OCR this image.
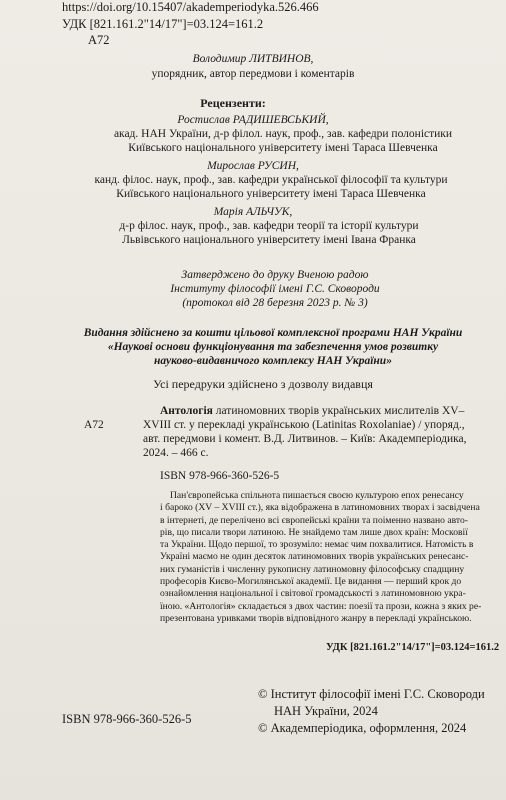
https://doi.org/10.15407/akademperiodyka.526.466
УДК [821.161.2"14/17"]=03.124=161.2
А72
Володимир ЛИТВИНОВ,
упорядник, автор передмови і коментарів
Рецензенти:
Ростислав РАДИШЕВСЬКИЙ,
акад. НАН України, д-р філол. наук, проф., зав. кафедри полоністики
Київського національного університету імені Тараса Шевченка
Мирослав РУСИН,
канд. філос. наук, проф., зав. кафедри української філософії та культури
Київського національного університету імені Тараса Шевченка
Марія АЛЬЧУК,
д-р філос. наук, проф., зав. кафедри теорії та історії культури
Львівського національного університету імені Івана Франка
Затверджено до друку Вченою радою
Інституту філософії імені Г.С. Сковороди
(протокол від 28 березня 2023 р. № 3)
Видання здійснено за кошти цільової комплексної програми НАН України
«Наукові основи функціонування та забезпечення умов розвитку
науково-видавничого комплексу НАН України»
Усі передруки здійснено з дозволу видавця
Антологія латиномовних творів українських мислителів XV–
А72	XVIII ст. у перекладі українською (Latinitas Roxolaniae) / упоряд.,
авт. передмови і комент. В.Д. Литвинов. – Київ: Академперіодика,
2024. – 466 с.
ISBN 978-966-360-526-5
Пан'європейська спільнота пишається своєю культурою епох ренесансу
і бароко (XV – XVIII ст.), яка відображена в латиномовних творах і засвідчена
в інтернеті, де перелічено всі європейські країни та поіменно названо авто-
рів, що писали твори латиною. Не знайдемо там лише двох країн: Московії
та України. Щодо першої, то зрозуміло: немає чим похвалитися. Натомість в
Україні маємо не один десяток латиномовних творів українських ренесанс-
них гуманістів і численну рукописну латиномовну філософську спадщину
професорів Києво-Могилянської академії. Це видання — перший крок до
ознайомлення національної і світової громадськості з латиномовною укра-
їною. «Антологія» складається з двох частин: поезії та прози, кожна з яких ре-
презентована уривками творів відповідного жанру в перекладі українською.
УДК [821.161.2"14/17"]=03.124=161.2
ISBN 978-966-360-526-5
© Інститут філософії імені Г.С. Сковороди
НАН України, 2024
© Академперіодика, оформлення, 2024
